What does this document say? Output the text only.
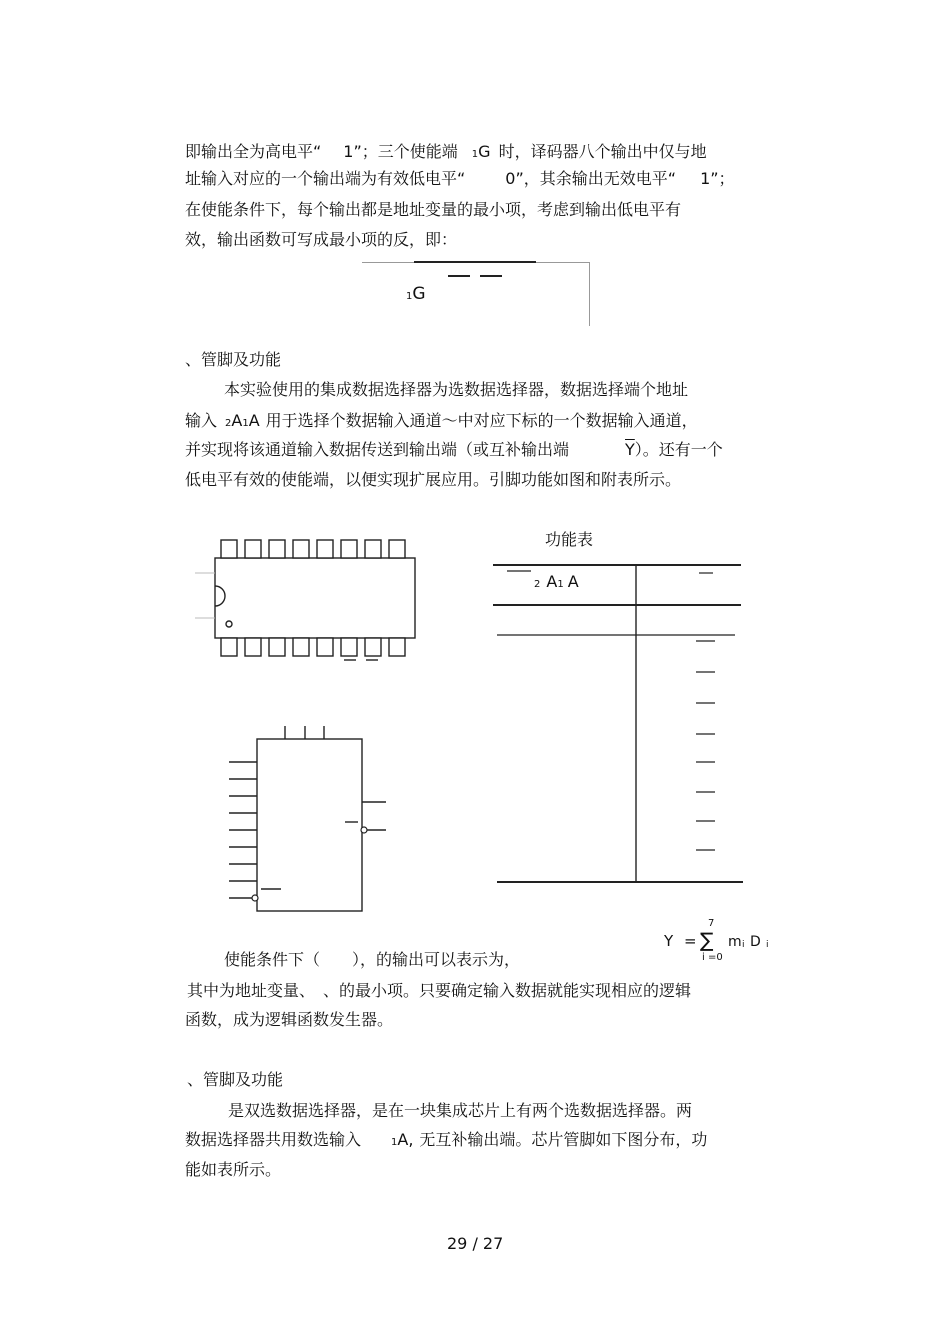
即输出全为高电平“ 1”；三个使能端 1G 时，译码器八个输出中仅与地
址输入对应的一个输出端为有效低电平“	0”，其余输出无效电平“ 1”；
在使能条件下，每个输出都是地址变量的最小项，考虑到输出低电平有
效，输出函数可写成最小项的反，即：
1G
、管脚及功能
本实验使用的集成数据选择器为选数据选择器，数据选择端个地址
输入 2A1A 用于选择个数据输入通道～中对应下标的一个数据输入通道，
并实现将该通道输入数据传送到输出端（或互补输出端	$\overline{Y}$）。还有一个
低电平有效的使能端，以便实现扩展应用。引脚功能如图和附表所示。
功能表
2 A1 A
7
Y = ∑
i =0
m i D i
使能条件下（　　），的输出可以表示为，
其中为地址变量、　、的最小项。只要确定输入数据就能实现相应的逻辑
函数，成为逻辑函数发生器。
、管脚及功能
是双选数据选择器，是在一块集成芯片上有两个选数据选择器。两
数据选择器共用数选输入	1A, 无互补输出端。芯片管脚如下图分布，功
能如表所示。
29 / 27
